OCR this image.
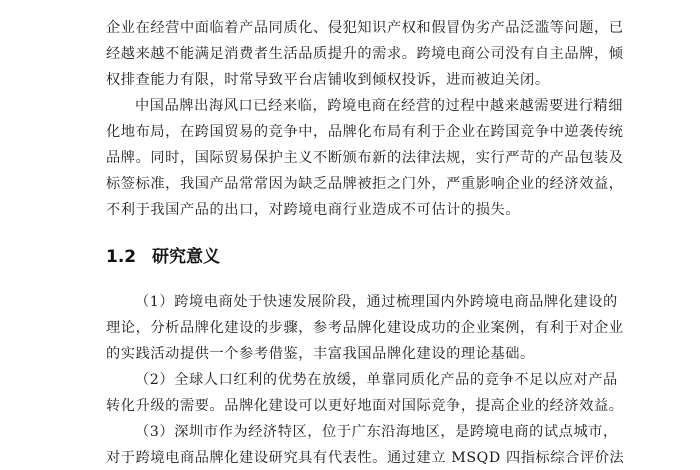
企业在经营中面临着产品同质化、侵犯知识产权和假冒伪劣产品泛滥等问题，已
经越来越不能满足消费者生活品质提升的需求。跨境电商公司没有自主品牌，倾
权排查能力有限，时常导致平台店铺收到倾权投诉，进而被迫关闭。
中国品牌出海风口已经来临，跨境电商在经营的过程中越来越需要进行精细
化地布局，在跨国贸易的竞争中，品牌化布局有利于企业在跨国竞争中逆袭传统
品牌。同时，国际贸易保护主义不断颁布新的法律法规，实行严苛的产品包装及
标签标准，我国产品常常因为缺乏品牌被拒之门外，严重影响企业的经济效益，
不利于我国产品的出口，对跨境电商行业造成不可估计的损失。
1.2 研究意义
（1）跨境电商处于快速发展阶段，通过梳理国内外跨境电商品牌化建设的
理论，分析品牌化建设的步骤，参考品牌化建设成功的企业案例，有利于对企业
的实践活动提供一个参考借鉴，丰富我国品牌化建设的理论基础。
（2）全球人口红利的优势在放缓，单靠同质化产品的竞争不足以应对产品
转化升级的需要。品牌化建设可以更好地面对国际竞争，提高企业的经济效益。
（3）深圳市作为经济特区，位于广东沿海地区，是跨境电商的试点城市，
对于跨境电商品牌化建设研究具有代表性。通过建立 MSQD 四指标综合评价法
